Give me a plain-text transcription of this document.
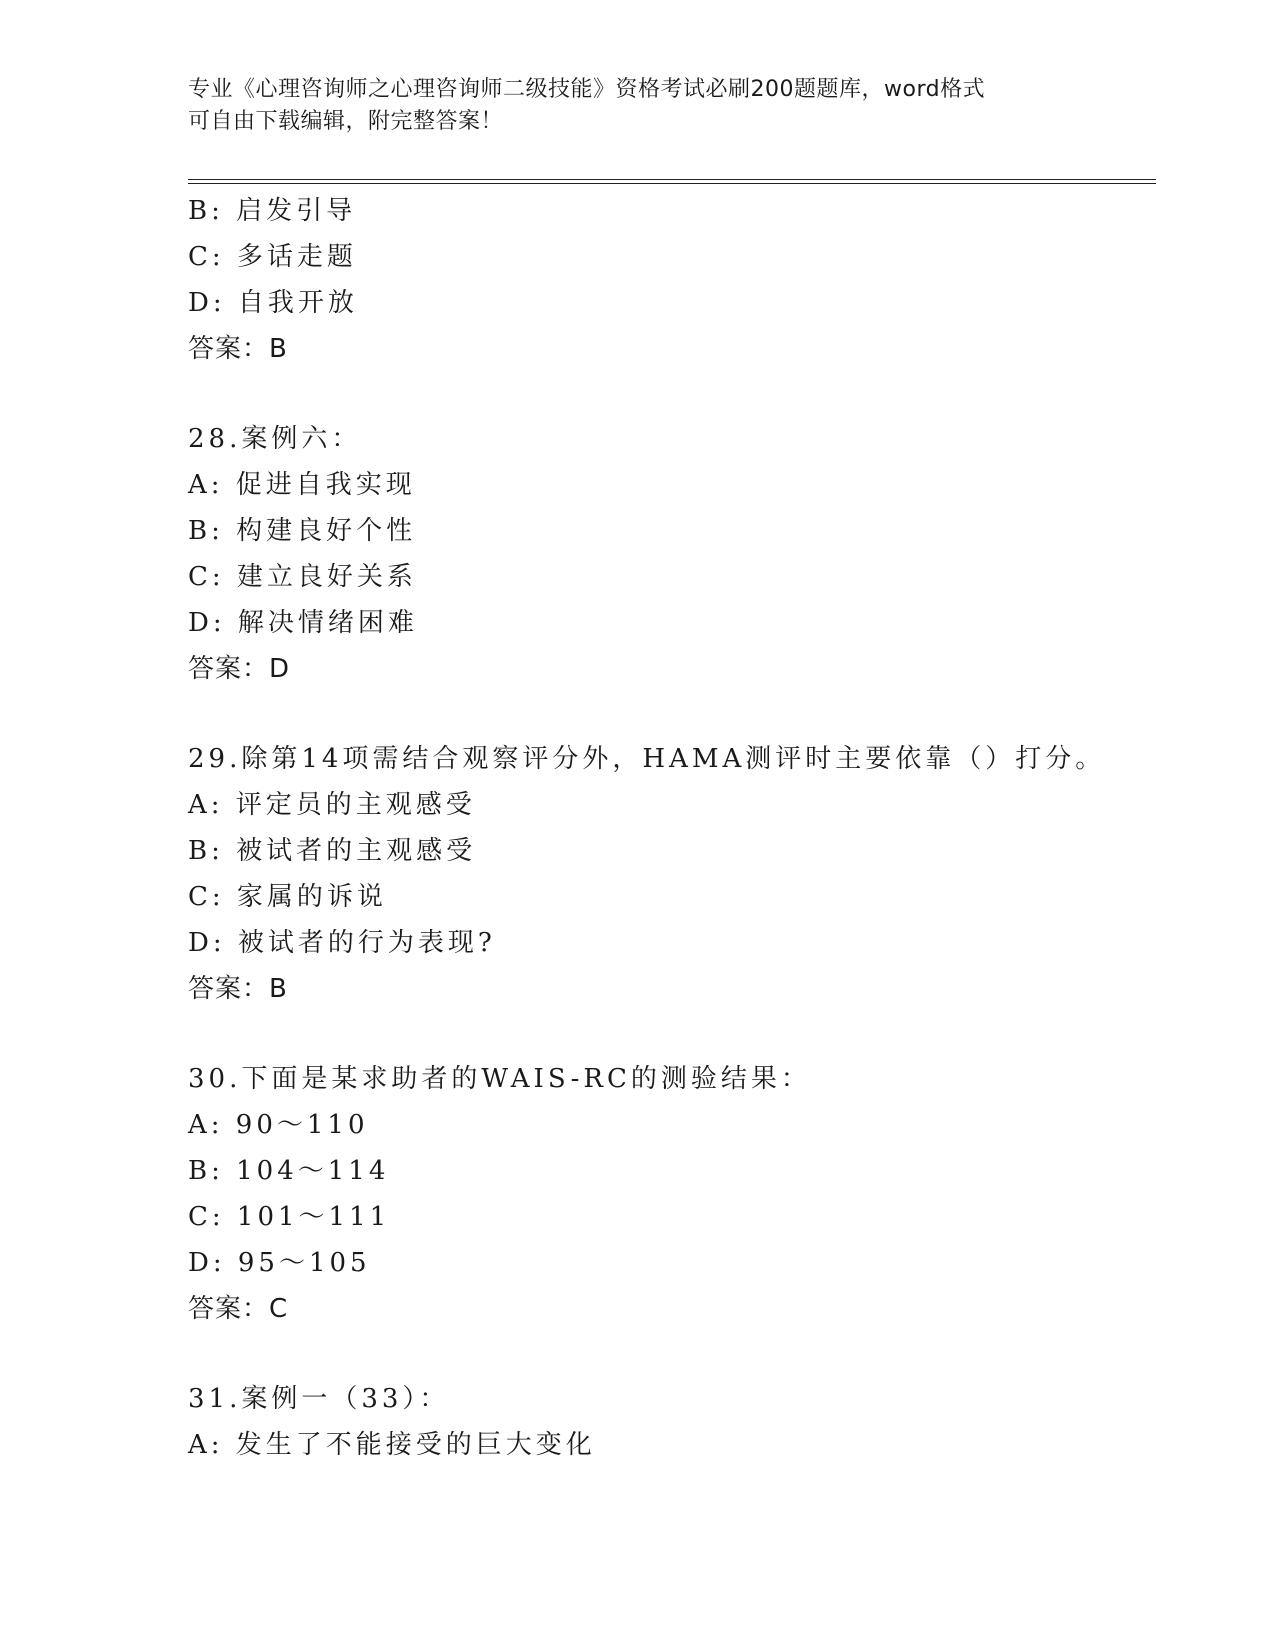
专业《心理咨询师之心理咨询师二级技能》资格考试必刷200题题库，word格式
可自由下载编辑，附完整答案！
B: 启发引导
C: 多话走题
D: 自我开放
答案：B
28.案例六：
A: 促进自我实现
B: 构建良好个性
C: 建立良好关系
D: 解决情绪困难
答案：D
29.除第14项需结合观察评分外，HAMA测评时主要依靠（）打分。
A: 评定员的主观感受
B: 被试者的主观感受
C: 家属的诉说
D: 被试者的行为表现?
答案：B
30.下面是某求助者的WAIS-RC的测验结果：
A: 90～110
B: 104～114
C: 101～111
D: 95～105
答案：C
31.案例一（33）：
A: 发生了不能接受的巨大变化
